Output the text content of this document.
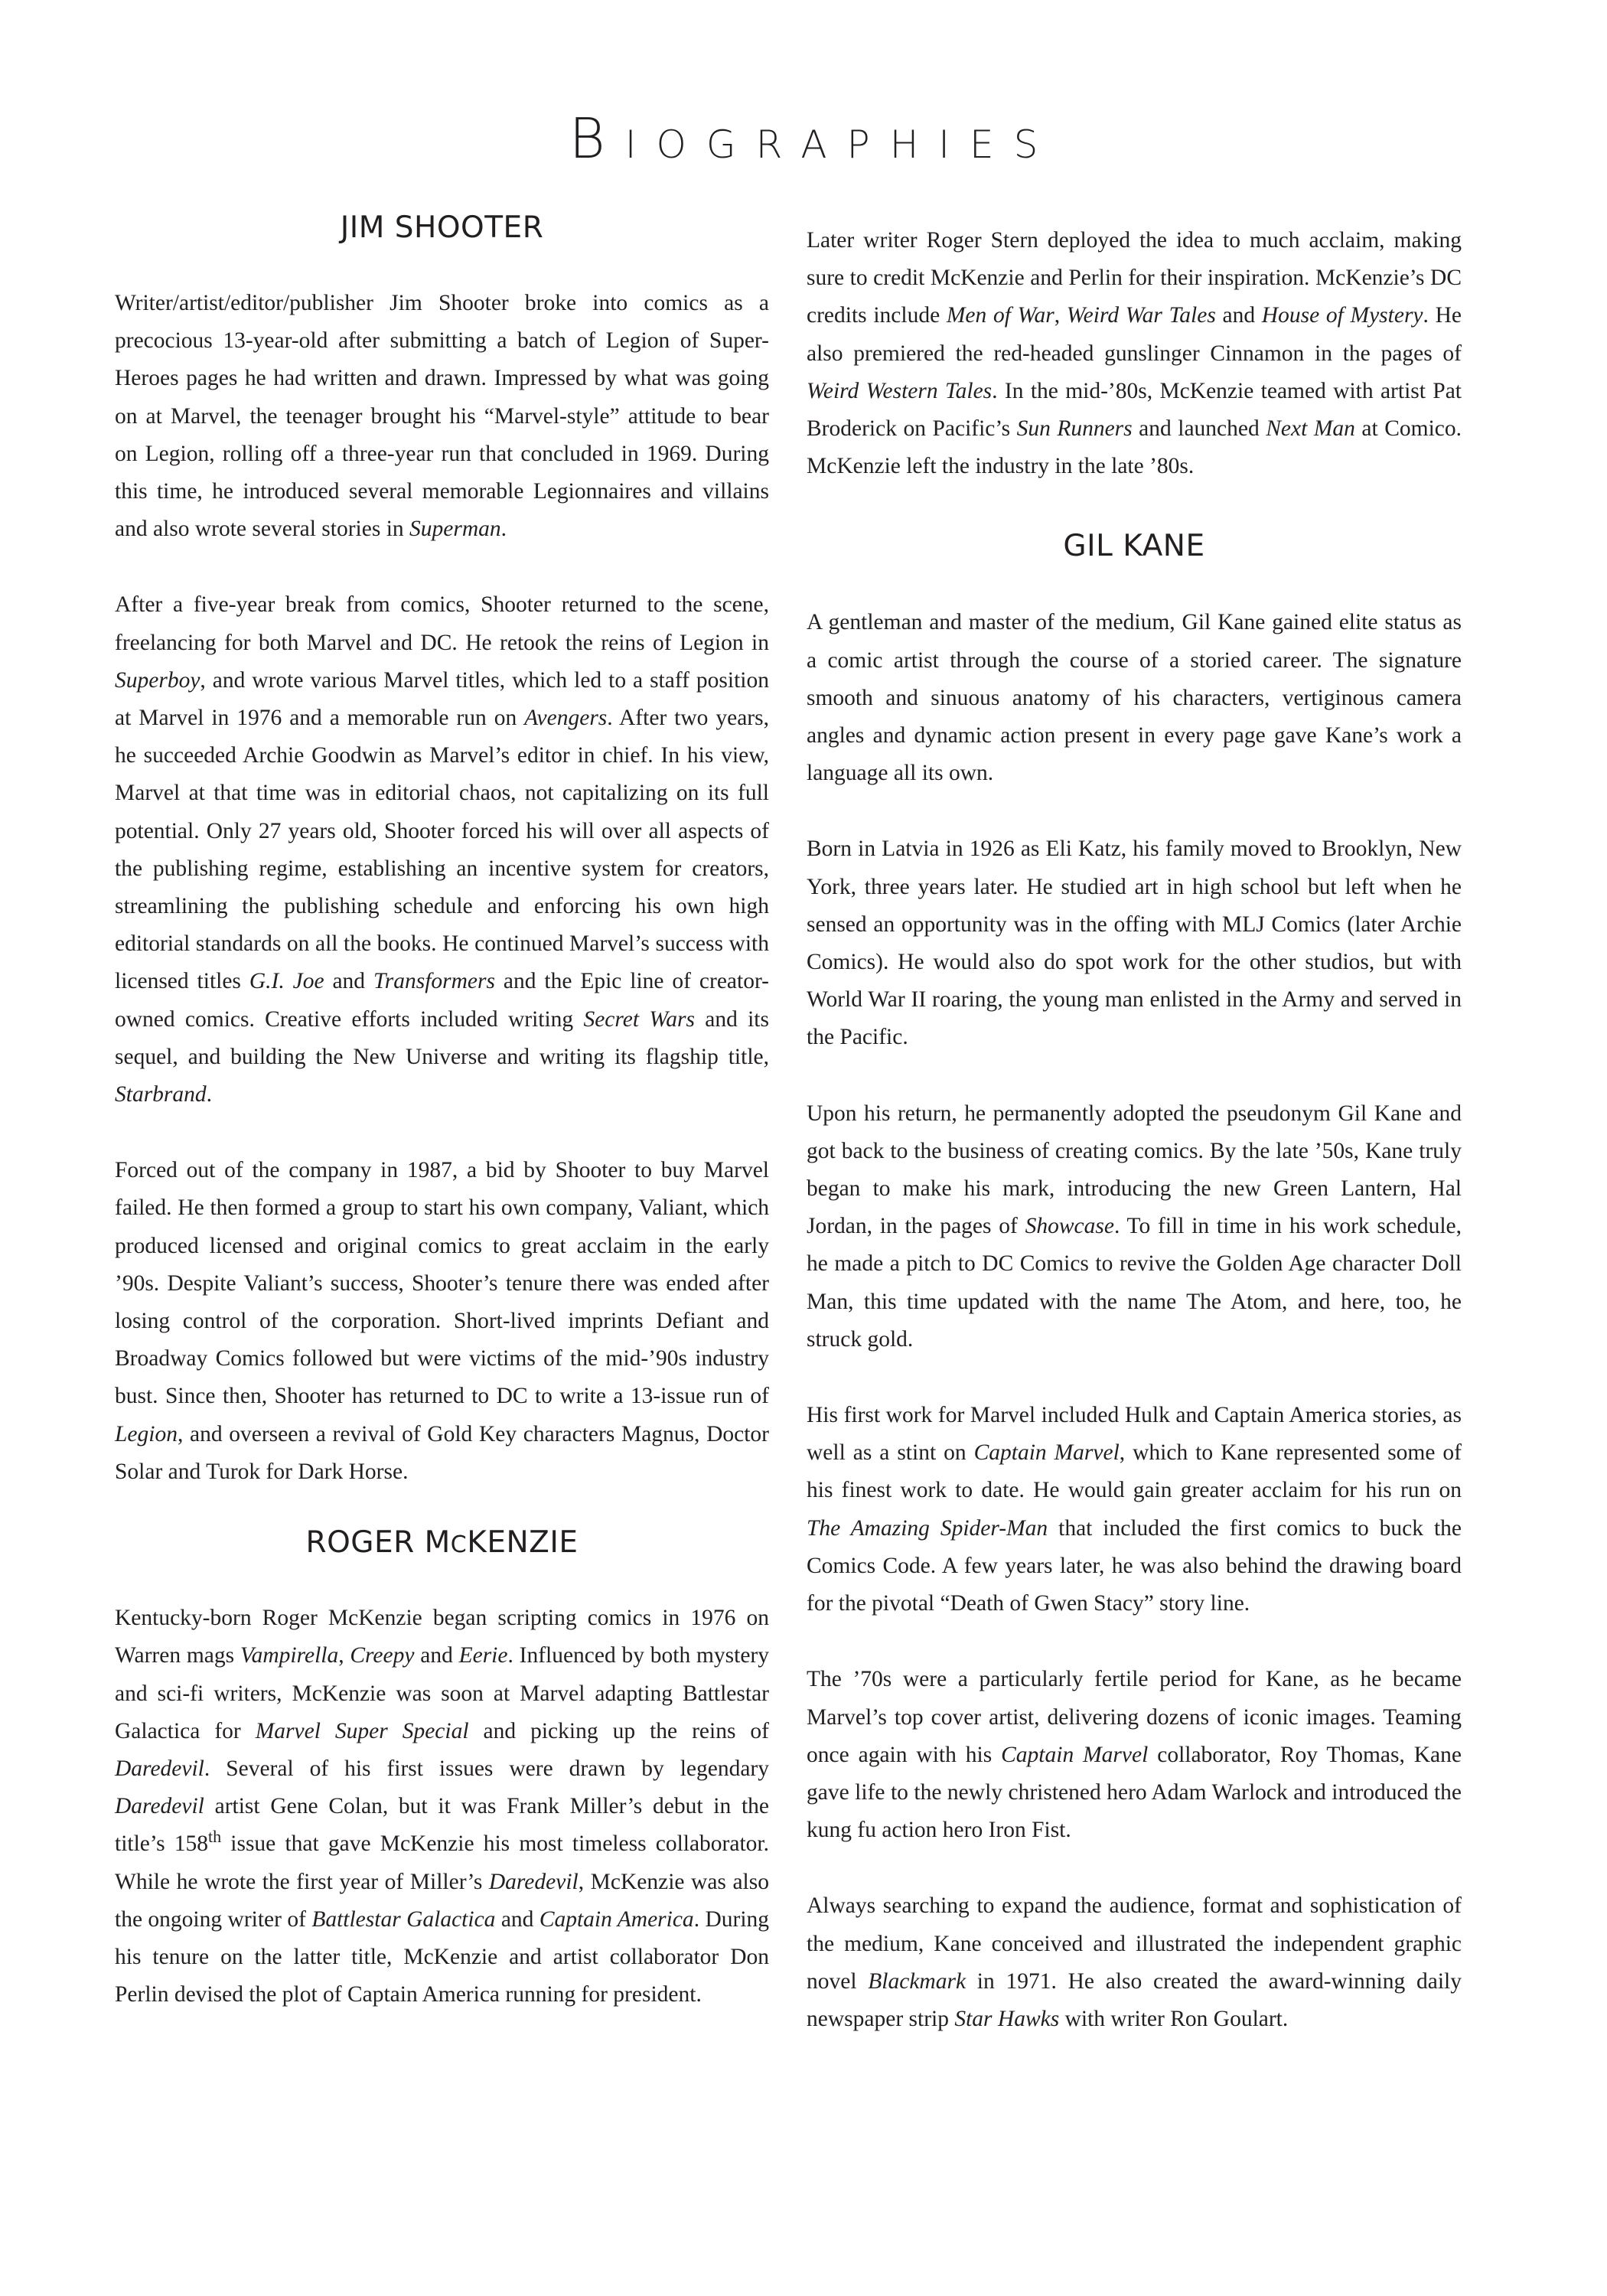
BIOGRAPHIES
JIM SHOOTER

Writer/artist/editor/publisher Jim Shooter broke into comics as a precocious 13-year-old after submitting a batch of Legion of Super-Heroes pages he had written and drawn. Impressed by what was going on at Marvel, the teenager brought his “Marvel-style” attitude to bear on Legion, rolling off a three-year run that concluded in 1969. During this time, he introduced several memorable Legionnaires and villains and also wrote several stories in Superman.

After a five-year break from comics, Shooter returned to the scene, freelancing for both Marvel and DC. He retook the reins of Legion in Superboy, and wrote various Marvel titles, which led to a staff position at Marvel in 1976 and a memorable run on Avengers. After two years, he succeeded Archie Goodwin as Marvel’s editor in chief. In his view, Marvel at that time was in editorial chaos, not capitalizing on its full potential. Only 27 years old, Shooter forced his will over all aspects of the publishing regime, establishing an incentive system for creators, streamlining the publishing schedule and enforcing his own high editorial standards on all the books. He continued Marvel’s success with licensed titles G.I. Joe and Transformers and the Epic line of creator-owned comics. Creative efforts included writing Secret Wars and its sequel, and building the New Universe and writing its flagship title, Starbrand.

Forced out of the company in 1987, a bid by Shooter to buy Marvel failed. He then formed a group to start his own company, Valiant, which produced licensed and original comics to great acclaim in the early ’90s. Despite Valiant’s success, Shooter’s tenure there was ended after losing control of the corporation. Short-lived imprints Defiant and Broadway Comics followed but were victims of the mid-’90s industry bust. Since then, Shooter has returned to DC to write a 13-issue run of Legion, and overseen a revival of Gold Key characters Magnus, Doctor Solar and Turok for Dark Horse.

ROGER MCKENZIE

Kentucky-born Roger McKenzie began scripting comics in 1976 on Warren mags Vampirella, Creepy and Eerie. Influenced by both mystery and sci-fi writers, McKenzie was soon at Marvel adapting Battlestar Galactica for Marvel Super Special and picking up the reins of Daredevil. Several of his first issues were drawn by legendary Daredevil artist Gene Colan, but it was Frank Miller’s debut in the title’s 158th issue that gave McKenzie his most timeless collaborator. While he wrote the first year of Miller’s Daredevil, McKenzie was also the ongoing writer of Battlestar Galactica and Captain America. During his tenure on the latter title, McKenzie and artist collaborator Don Perlin devised the plot of Captain America running for president.

Later writer Roger Stern deployed the idea to much acclaim, making sure to credit McKenzie and Perlin for their inspiration. McKenzie’s DC credits include Men of War, Weird War Tales and House of Mystery. He also premiered the red-headed gunslinger Cinnamon in the pages of Weird Western Tales. In the mid-’80s, McKenzie teamed with artist Pat Broderick on Pacific’s Sun Runners and launched Next Man at Comico. McKenzie left the industry in the late ’80s.

GIL KANE

A gentleman and master of the medium, Gil Kane gained elite status as a comic artist through the course of a storied career. The signature smooth and sinuous anatomy of his characters, vertiginous camera angles and dynamic action present in every page gave Kane’s work a language all its own.

Born in Latvia in 1926 as Eli Katz, his family moved to Brooklyn, New York, three years later. He studied art in high school but left when he sensed an opportunity was in the offing with MLJ Comics (later Archie Comics). He would also do spot work for the other studios, but with World War II roaring, the young man enlisted in the Army and served in the Pacific.

Upon his return, he permanently adopted the pseudonym Gil Kane and got back to the business of creating comics. By the late ’50s, Kane truly began to make his mark, introducing the new Green Lantern, Hal Jordan, in the pages of Showcase. To fill in time in his work schedule, he made a pitch to DC Comics to revive the Golden Age character Doll Man, this time updated with the name The Atom, and here, too, he struck gold.

His first work for Marvel included Hulk and Captain America stories, as well as a stint on Captain Marvel, which to Kane represented some of his finest work to date. He would gain greater acclaim for his run on The Amazing Spider-Man that included the first comics to buck the Comics Code. A few years later, he was also behind the drawing board for the pivotal “Death of Gwen Stacy” story line.

The ’70s were a particularly fertile period for Kane, as he became Marvel’s top cover artist, delivering dozens of iconic images. Teaming once again with his Captain Marvel collaborator, Roy Thomas, Kane gave life to the newly christened hero Adam Warlock and introduced the kung fu action hero Iron Fist.

Always searching to expand the audience, format and sophistication of the medium, Kane conceived and illustrated the independent graphic novel Blackmark in 1971. He also created the award-winning daily newspaper strip Star Hawks with writer Ron Goulart.
